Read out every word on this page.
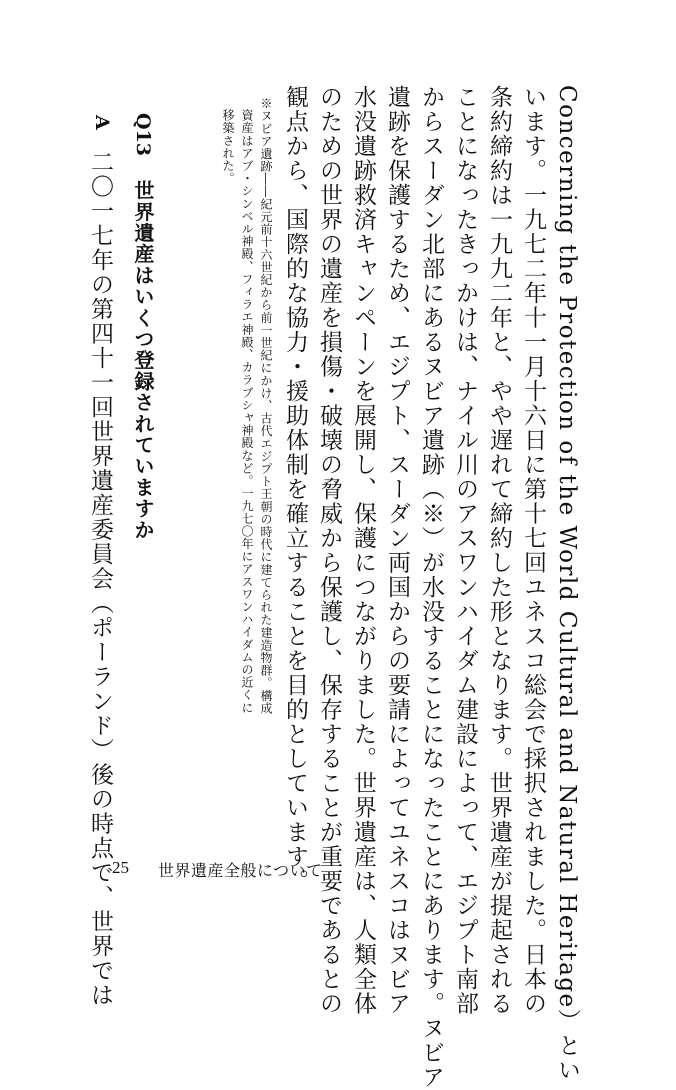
Concerning the Protection of the World Cultural and Natural Heritage）とい
います。一九七二年十一月十六日に第十七回ユネスコ総会で採択されました。日本の
条約締約は一九九二年と、やや遅れて締約した形となります。世界遺産が提起される
ことになったきっかけは、ナイル川のアスワンハイダム建設によって、エジプト南部
からスーダン北部にあるヌビア遺跡（※）が水没することになったことにあります。ヌビア
遺跡を保護するため、エジプト、スーダン両国からの要請によってユネスコはヌビア
水没遺跡救済キャンペーンを展開し、保護につながりました。世界遺産は、人類全体
のための世界の遺産を損傷・破壊の脅威から保護し、保存することが重要であるとの
観点から、国際的な協力・援助体制を確立することを目的としています。
※ヌビア遺跡――紀元前十六世紀から前一世紀にかけ、古代エジプト王朝の時代に建てられた建造物群。構成
資産はアブ・シンベル神殿、フィラエ神殿、カラブシャ神殿など。一九七〇年にアスワンハイダムの近くに
移築された。
Q13
世界遺産はいくつ登録されていますか
A
二〇一七年の第四十一回世界遺産委員会（ポーランド）後の時点で、世界では 25 世界遺産全般について
